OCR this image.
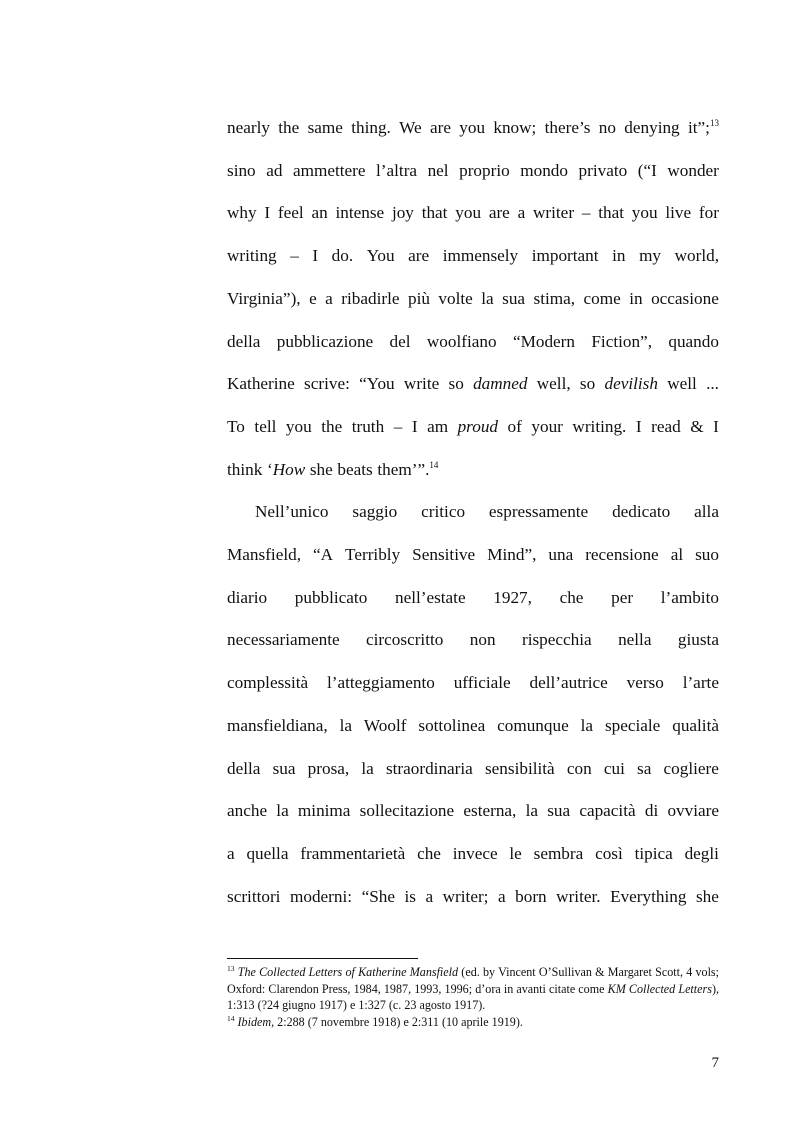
nearly the same thing. We are you know; there’s no denying it”;$^{13}$
sino ad ammettere l’altra nel proprio mondo privato (“I wonder
why I feel an intense joy that you are a writer – that you live for
writing – I do. You are immensely important in my world,
Virginia”), e a ribadirle più volte la sua stima, come in occasione
della pubblicazione del woolfiano “Modern Fiction”, quando
Katherine scrive: “You write so damned well, so devilish well ...
To tell you the truth – I am proud of your writing. I read & I
think ‘How she beats them’”.$^{14}$
Nell’unico saggio critico espressamente dedicato alla
Mansfield, “A Terribly Sensitive Mind”, una recensione al suo
diario pubblicato nell’estate 1927, che per l’ambito
necessariamente circoscritto non rispecchia nella giusta
complessità l’atteggiamento ufficiale dell’autrice verso l’arte
mansfieldiana, la Woolf sottolinea comunque la speciale qualità
della sua prosa, la straordinaria sensibilità con cui sa cogliere
anche la minima sollecitazione esterna, la sua capacità di ovviare
a quella frammentarietà che invece le sembra così tipica degli
scrittori moderni: “She is a writer; a born writer. Everything she

$^{13}$ The Collected Letters of Katherine Mansfield (ed. by Vincent O’Sullivan & Margaret Scott, 4 vols; Oxford: Clarendon Press, 1984, 1987, 1993, 1996; d’ora in avanti citate come KM Collected Letters), 1:313 (?24 giugno 1917) e 1:327 (c. 23 agosto 1917).

$^{14}$ Ibidem, 2:288 (7 novembre 1918) e 2:311 (10 aprile 1919).

7
